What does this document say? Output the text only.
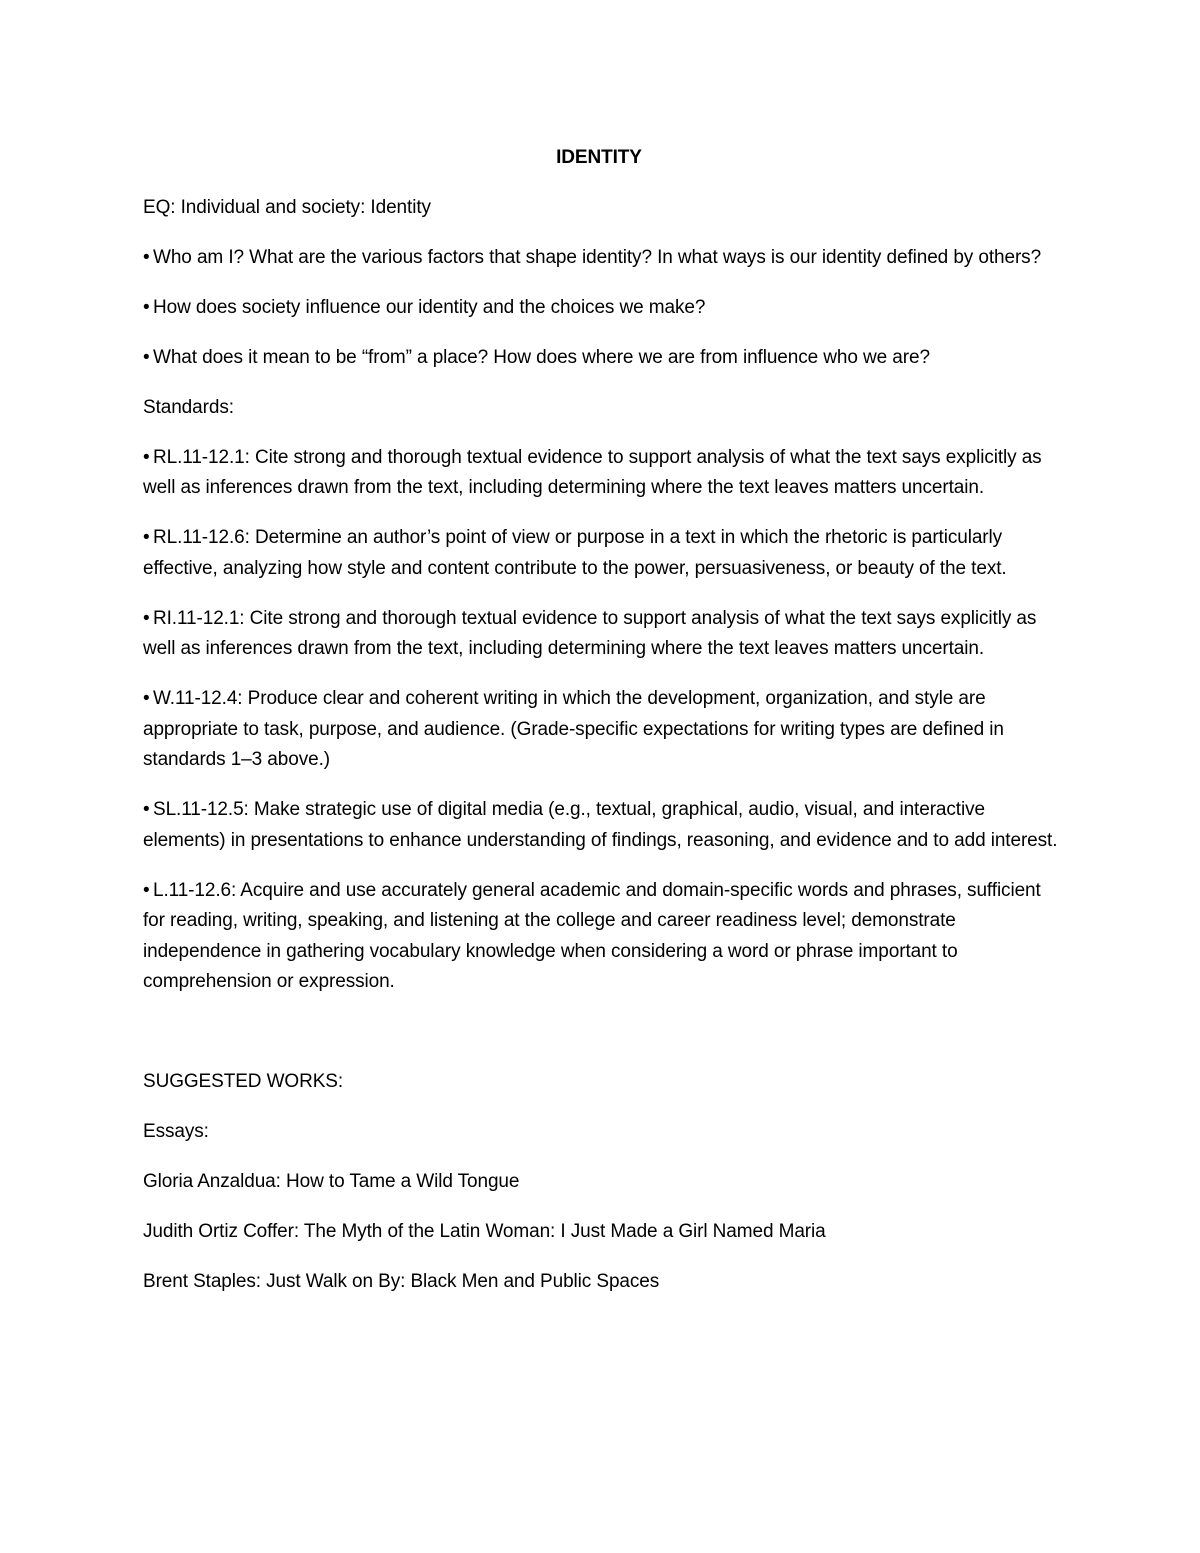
IDENTITY

EQ: Individual and society: Identity

• Who am I? What are the various factors that shape identity? In what ways is our identity defined by others?

• How does society influence our identity and the choices we make?

• What does it mean to be “from” a place? How does where we are from influence who we are?

Standards:

• RL.11-12.1: Cite strong and thorough textual evidence to support analysis of what the text says explicitly as well as inferences drawn from the text, including determining where the text leaves matters uncertain.

• RL.11-12.6: Determine an author’s point of view or purpose in a text in which the rhetoric is particularly effective, analyzing how style and content contribute to the power, persuasiveness, or beauty of the text.

• RI.11-12.1: Cite strong and thorough textual evidence to support analysis of what the text says explicitly as well as inferences drawn from the text, including determining where the text leaves matters uncertain.

• W.11-12.4: Produce clear and coherent writing in which the development, organization, and style are appropriate to task, purpose, and audience. (Grade-specific expectations for writing types are defined in standards 1–3 above.)

• SL.11-12.5: Make strategic use of digital media (e.g., textual, graphical, audio, visual, and interactive elements) in presentations to enhance understanding of findings, reasoning, and evidence and to add interest.

• L.11-12.6: Acquire and use accurately general academic and domain-specific words and phrases, sufficient for reading, writing, speaking, and listening at the college and career readiness level; demonstrate independence in gathering vocabulary knowledge when considering a word or phrase important to comprehension or expression.

SUGGESTED WORKS:

Essays:

Gloria Anzaldua: How to Tame a Wild Tongue

Judith Ortiz Coffer: The Myth of the Latin Woman: I Just Made a Girl Named Maria

Brent Staples: Just Walk on By: Black Men and Public Spaces
